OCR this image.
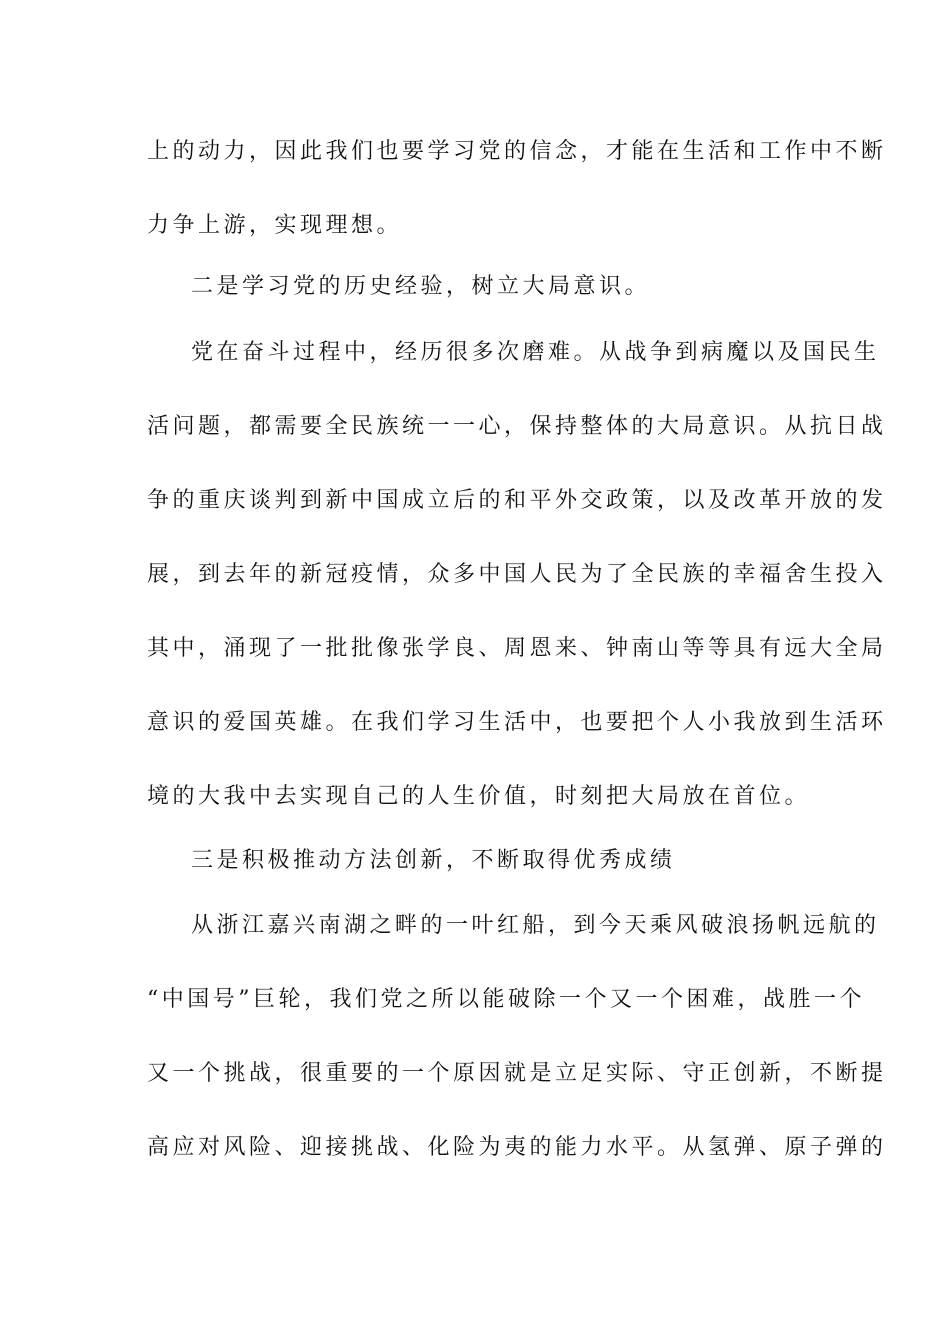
上的动力，因此我们也要学习党的信念，才能在生活和工作中不断
力争上游，实现理想。
二是学习党的历史经验，树立大局意识。
党在奋斗过程中，经历很多次磨难。从战争到病魔以及国民生
活问题，都需要全民族统一一心，保持整体的大局意识。从抗日战
争的重庆谈判到新中国成立后的和平外交政策，以及改革开放的发
展，到去年的新冠疫情，众多中国人民为了全民族的幸福舍生投入
其中，涌现了一批批像张学良、周恩来、钟南山等等具有远大全局
意识的爱国英雄。在我们学习生活中，也要把个人小我放到生活环
境的大我中去实现自己的人生价值，时刻把大局放在首位。
三是积极推动方法创新，不断取得优秀成绩
从浙江嘉兴南湖之畔的一叶红船，到今天乘风破浪扬帆远航的
“中国号”巨轮，我们党之所以能破除一个又一个困难，战胜一个
又一个挑战，很重要的一个原因就是立足实际、守正创新，不断提
高应对风险、迎接挑战、化险为夷的能力水平。从氢弹、原子弹的
